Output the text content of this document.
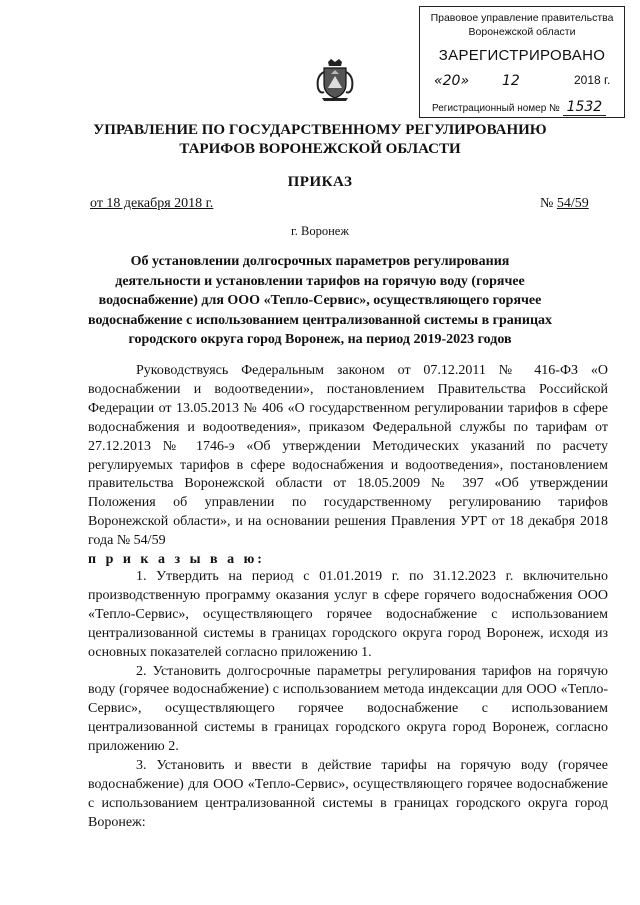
Правовое управление правительства Воронежской области
ЗАРЕГИСТРИРОВАНО
«20» 12	2018 г.
Регистрационный номер № 1532
УПРАВЛЕНИЕ ПО ГОСУДАРСТВЕННОМУ РЕГУЛИРОВАНИЮ
ТАРИФОВ ВОРОНЕЖСКОЙ ОБЛАСТИ
ПРИКАЗ
от 18 декабря 2018 г.	№ 54/59
г. Воронеж
Об установлении долгосрочных параметров регулирования деятельности и установлении тарифов на горячую воду (горячее водоснабжение) для ООО «Тепло-Сервис», осуществляющего горячее водоснабжение с использованием централизованной системы в границах городского округа город Воронеж, на период 2019-2023 годов

Руководствуясь Федеральным законом от 07.12.2011 № 416-ФЗ «О водоснабжении и водоотведении», постановлением Правительства Российской Федерации от 13.05.2013 № 406 «О государственном регулировании тарифов в сфере водоснабжения и водоотведения», приказом Федеральной службы по тарифам от 27.12.2013 № 1746-э «Об утверждении Методических указаний по расчету регулируемых тарифов в сфере водоснабжения и водоотведения», постановлением правительства Воронежской области от 18.05.2009 № 397 «Об утверждении Положения об управлении по государственному регулированию тарифов Воронежской области», и на основании решения Правления УРТ от 18 декабря 2018 года № 54/59

п р и к а з ы в а ю:

1. Утвердить на период с 01.01.2019 г. по 31.12.2023 г. включительно производственную программу оказания услуг в сфере горячего водоснабжения ООО «Тепло-Сервис», осуществляющего горячее водоснабжение с использованием централизованной системы в границах городского округа город Воронеж, исходя из основных показателей согласно приложению 1.

2. Установить долгосрочные параметры регулирования тарифов на горячую воду (горячее водоснабжение) с использованием метода индексации для ООО «Тепло-Сервис», осуществляющего горячее водоснабжение с использованием централизованной системы в границах городского округа город Воронеж, согласно приложению 2.

3. Установить и ввести в действие тарифы на горячую воду (горячее водоснабжение) для ООО «Тепло-Сервис», осуществляющего горячее водоснабжение с использованием централизованной системы в границах городского округа город Воронеж:
